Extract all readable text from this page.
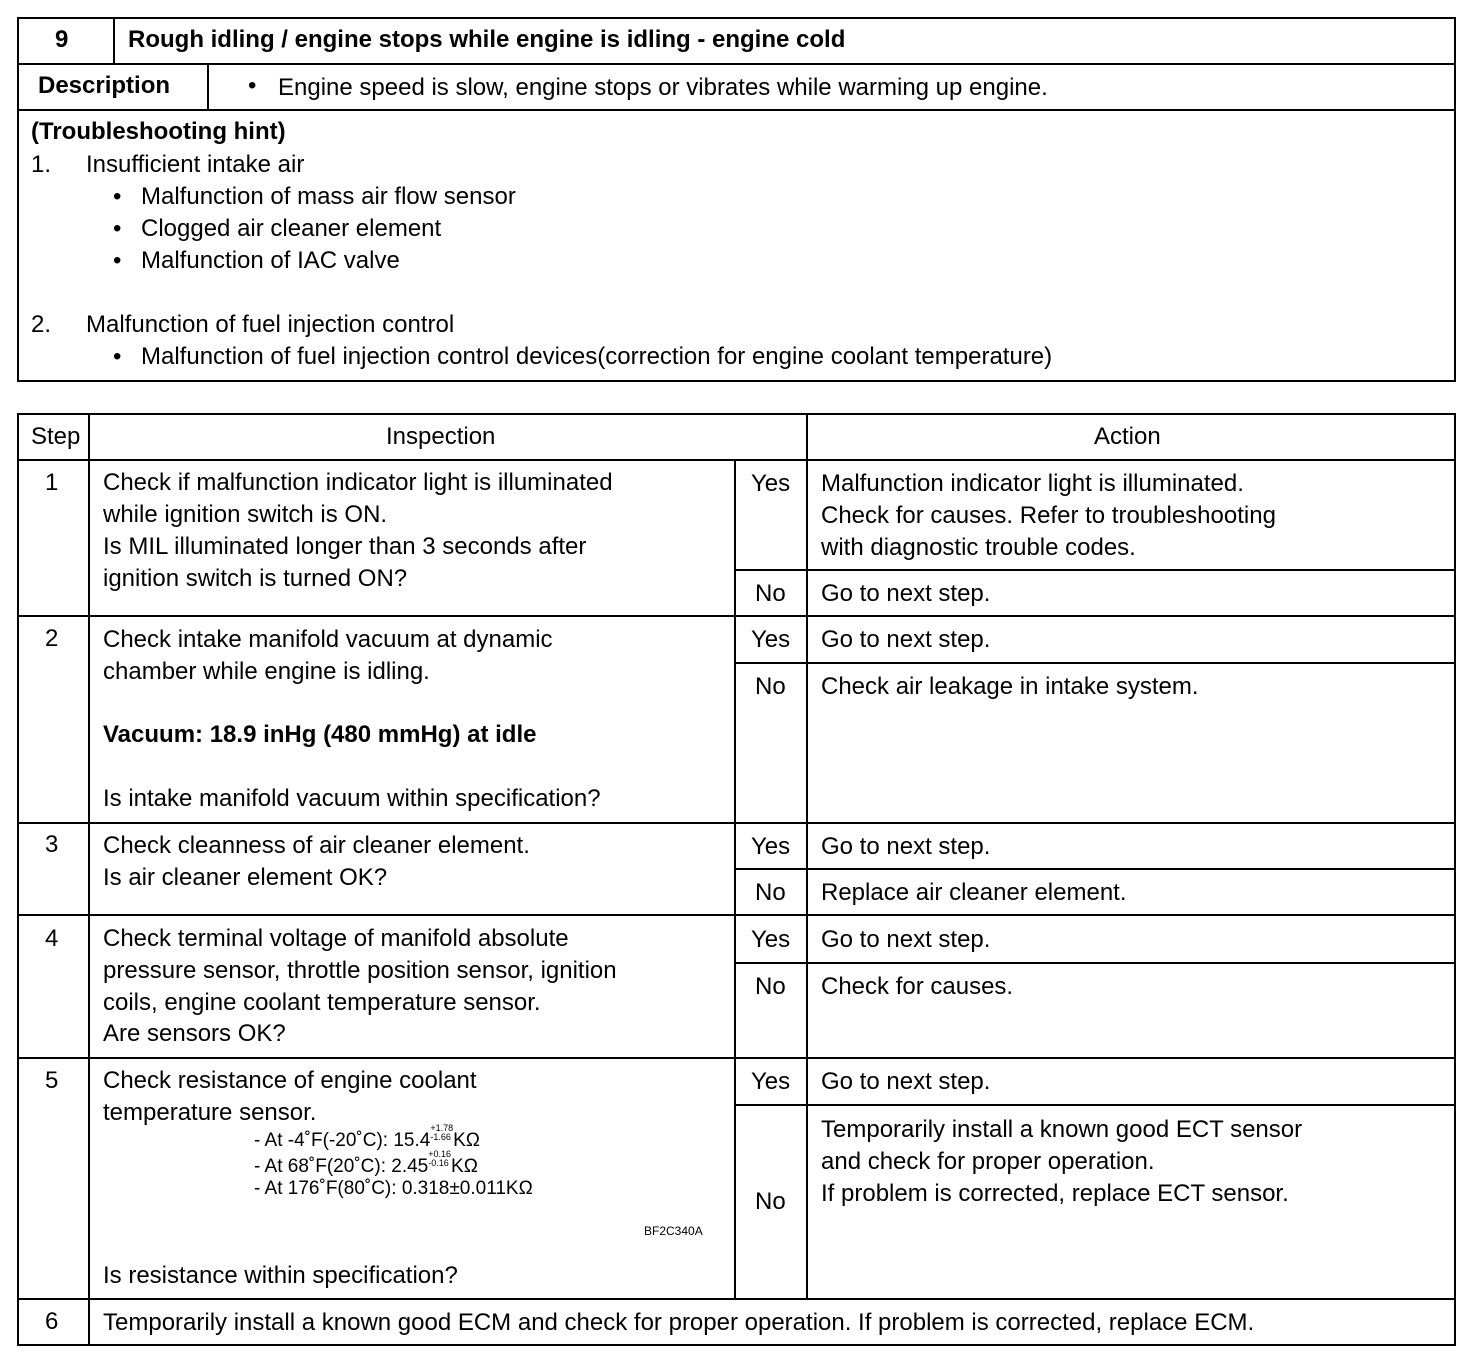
9 Rough idling / engine stops while engine is idling - engine cold
Description	• Engine speed is slow, engine stops or vibrates while warming up engine.
(Troubleshooting hint)
1. Insufficient intake air
• Malfunction of mass air flow sensor
• Clogged air cleaner element
• Malfunction of IAC valve
2. Malfunction of fuel injection control
• Malfunction of fuel injection control devices(correction for engine coolant temperature)
Step	Inspection	Action
1 Check if malfunction indicator light is illuminated
while ignition switch is ON.
Is MIL illuminated longer than 3 seconds after
ignition switch is turned ON?
Yes Malfunction indicator light is illuminated.
Check for causes. Refer to troubleshooting
with diagnostic trouble codes.
No Go to next step.
2 Check intake manifold vacuum at dynamic
chamber while engine is idling.
Vacuum: 18.9 inHg (480 mmHg) at idle
Is intake manifold vacuum within specification?
Yes Go to next step.
No Check air leakage in intake system.
3 Check cleanness of air cleaner element.
Is air cleaner element OK?
Yes Go to next step.
No Replace air cleaner element.
4 Check terminal voltage of manifold absolute
pressure sensor, throttle position sensor, ignition
coils, engine coolant temperature sensor.
Are sensors OK?
Yes Go to next step.
No Check for causes.
5 Check resistance of engine coolant
temperature sensor.
- At -4˚F(-20˚C): $15.4^{+1.78 -1.66}$ KΩ
- At 68˚F(20˚C): $2.45^{+0.16 -0.16}$ KΩ
- At 176˚F(80˚C): 0.318±0.011KΩ
BF2C340A
Is resistance within specification?
Yes Go to next step.
No
Temporarily install a known good ECT sensor
and check for proper operation.
If problem is corrected, replace ECT sensor.
6 Temporarily install a known good ECM and check for proper operation. If problem is corrected, replace ECM.
